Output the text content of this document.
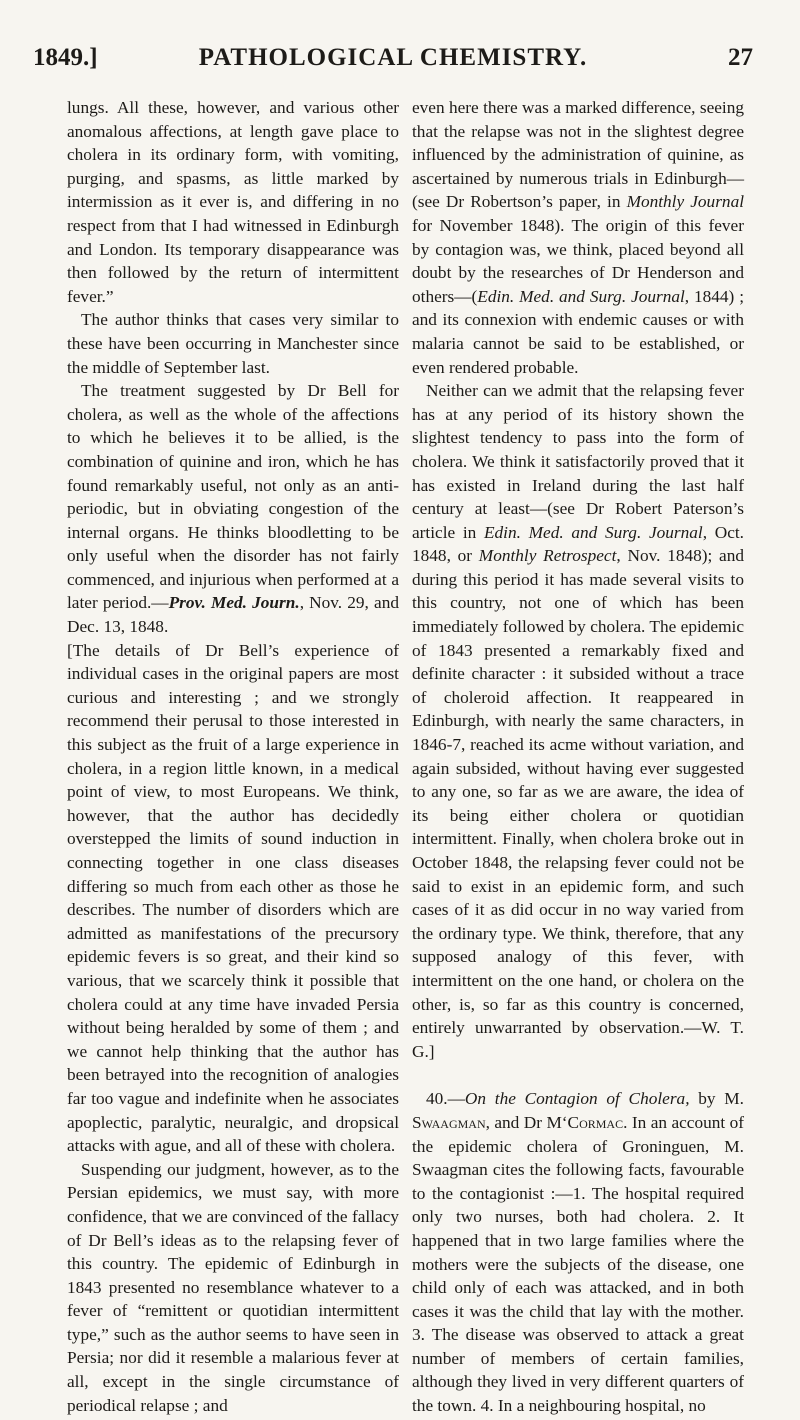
1849.]	PATHOLOGICAL CHEMISTRY.	27

lungs. All these, however, and various other anomalous affections, at length gave place to cholera in its ordinary form, with vomiting, purging, and spasms, as little marked by intermission as it ever is, and differing in no respect from that I had witnessed in Edinburgh and London. Its temporary disappearance was then followed by the return of intermittent fever.”

The author thinks that cases very similar to these have been occurring in Manchester since the middle of September last.

The treatment suggested by Dr Bell for cholera, as well as the whole of the affections to which he believes it to be allied, is the combination of quinine and iron, which he has found remarkably useful, not only as an anti-periodic, but in obviating congestion of the internal organs. He thinks bloodletting to be only useful when the disorder has not fairly commenced, and injurious when performed at a later period.—Prov. Med. Journ., Nov. 29, and Dec. 13, 1848.

[The details of Dr Bell’s experience of individual cases in the original papers are most curious and interesting ; and we strongly recommend their perusal to those interested in this subject as the fruit of a large experience in cholera, in a region little known, in a medical point of view, to most Europeans. We think, however, that the author has decidedly overstepped the limits of sound induction in connecting together in one class diseases differing so much from each other as those he describes. The number of disorders which are admitted as manifestations of the precursory epidemic fevers is so great, and their kind so various, that we scarcely think it possible that cholera could at any time have invaded Persia without being heralded by some of them ; and we cannot help thinking that the author has been betrayed into the recognition of analogies far too vague and indefinite when he associates apoplectic, paralytic, neuralgic, and dropsical attacks with ague, and all of these with cholera.

Suspending our judgment, however, as to the Persian epidemics, we must say, with more confidence, that we are convinced of the fallacy of Dr Bell’s ideas as to the relapsing fever of this country. The epidemic of Edinburgh in 1843 presented no resemblance whatever to a fever of “remittent or quotidian intermittent type,” such as the author seems to have seen in Persia; nor did it resemble a malarious fever at all, except in the single circumstance of periodical relapse ; and

even here there was a marked difference, seeing that the relapse was not in the slightest degree influenced by the administration of quinine, as ascertained by numerous trials in Edinburgh—(see Dr Robertson’s paper, in Monthly Journal for November 1848). The origin of this fever by contagion was, we think, placed beyond all doubt by the researches of Dr Henderson and others—(Edin. Med. and Surg. Journal, 1844) ; and its connexion with endemic causes or with malaria cannot be said to be established, or even rendered probable.

Neither can we admit that the relapsing fever has at any period of its history shown the slightest tendency to pass into the form of cholera. We think it satisfactorily proved that it has existed in Ireland during the last half century at least—(see Dr Robert Paterson’s article in Edin. Med. and Surg. Journal, Oct. 1848, or Monthly Retrospect, Nov. 1848); and during this period it has made several visits to this country, not one of which has been immediately followed by cholera. The epidemic of 1843 presented a remarkably fixed and definite character : it subsided without a trace of choleroid affection. It reappeared in Edinburgh, with nearly the same characters, in 1846-7, reached its acme without variation, and again subsided, without having ever suggested to any one, so far as we are aware, the idea of its being either cholera or quotidian intermittent. Finally, when cholera broke out in October 1848, the relapsing fever could not be said to exist in an epidemic form, and such cases of it as did occur in no way varied from the ordinary type. We think, therefore, that any supposed analogy of this fever, with intermittent on the one hand, or cholera on the other, is, so far as this country is concerned, entirely unwarranted by observation.—W. T. G.]

40.—On the Contagion of Cholera, by M. Swaagman, and Dr M‘Cormac. In an account of the epidemic cholera of Groninguen, M. Swaagman cites the following facts, favourable to the contagionist :—1. The hospital required only two nurses, both had cholera. 2. It happened that in two large families where the mothers were the subjects of the disease, one child only of each was attacked, and in both cases it was the child that lay with the mother. 3. The disease was observed to attack a great number of members of certain families, although they lived in very different quarters of the town. 4. In a neighbouring hospital, no
